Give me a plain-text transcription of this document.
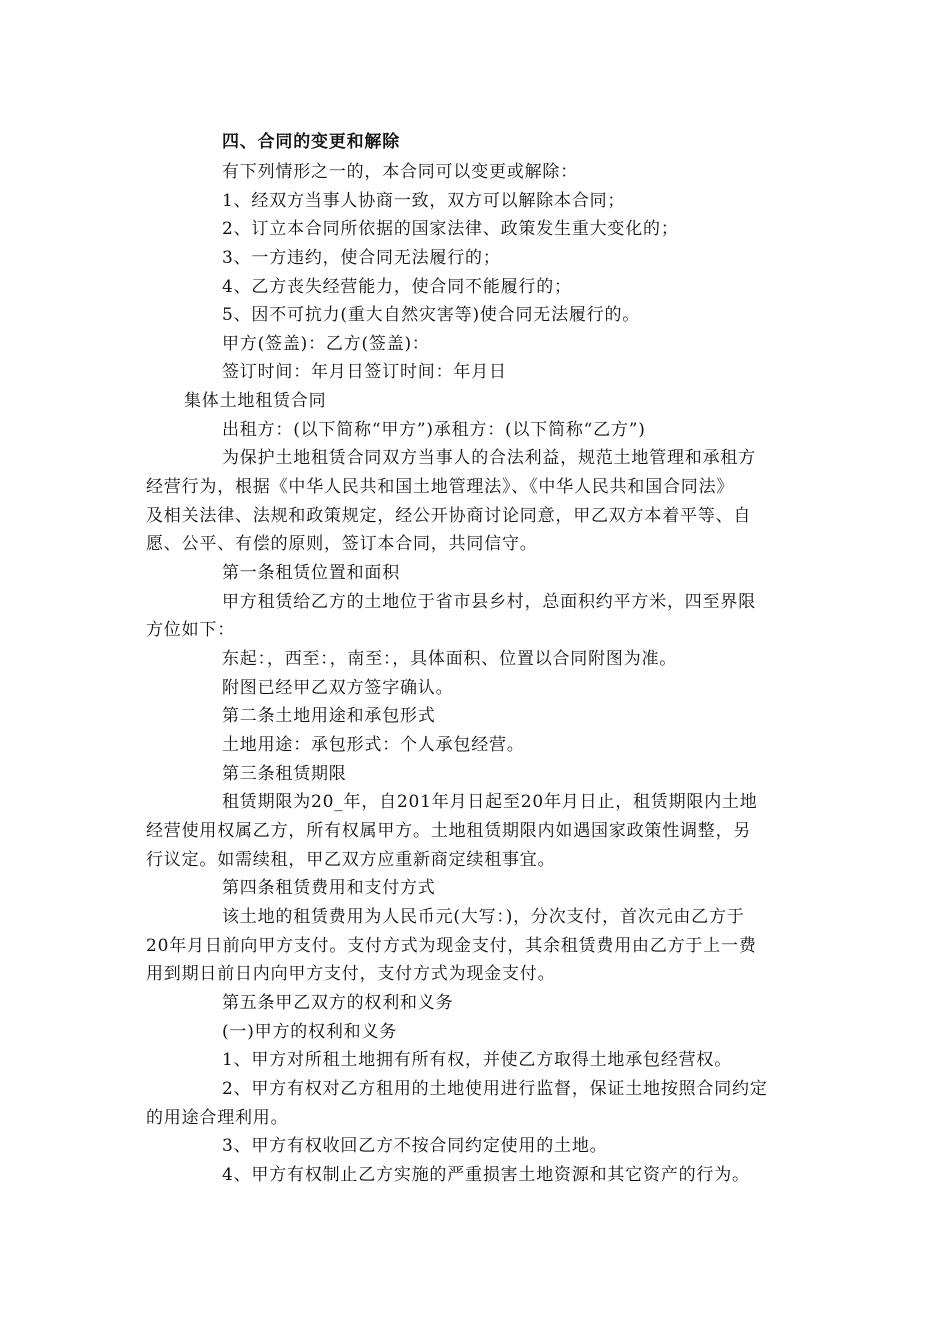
四、合同的变更和解除
有下列情形之一的，本合同可以变更或解除：
1、经双方当事人协商一致，双方可以解除本合同；
2、订立本合同所依据的国家法律、政策发生重大变化的；
3、一方违约，使合同无法履行的；
4、乙方丧失经营能力，使合同不能履行的；
5、因不可抗力(重大自然灾害等)使合同无法履行的。
甲方(签盖)：乙方(签盖)：
签订时间：年月日签订时间：年月日
集体土地租赁合同
出租方：(以下简称“甲方”)承租方：(以下简称“乙方”)
为保护土地租赁合同双方当事人的合法利益，规范土地管理和承租方
经营行为，根据《中华人民共和国土地管理法》、《中华人民共和国合同法》
及相关法律、法规和政策规定，经公开协商讨论同意，甲乙双方本着平等、自
愿、公平、有偿的原则，签订本合同，共同信守。
第一条租赁位置和面积
甲方租赁给乙方的土地位于省市县乡村，总面积约平方米，四至界限
方位如下：
东起：，西至：，南至：，具体面积、位置以合同附图为准。
附图已经甲乙双方签字确认。
第二条土地用途和承包形式
土地用途：承包形式：个人承包经营。
第三条租赁期限
租赁期限为20_年，自201年月日起至20年月日止，租赁期限内土地
经营使用权属乙方，所有权属甲方。土地租赁期限内如遇国家政策性调整，另
行议定。如需续租，甲乙双方应重新商定续租事宜。
第四条租赁费用和支付方式
该土地的租赁费用为人民币元(大写：)，分次支付，首次元由乙方于
20年月日前向甲方支付。支付方式为现金支付，其余租赁费用由乙方于上一费
用到期日前日内向甲方支付，支付方式为现金支付。
第五条甲乙双方的权利和义务
(一)甲方的权利和义务
1、甲方对所租土地拥有所有权，并使乙方取得土地承包经营权。
2、甲方有权对乙方租用的土地使用进行监督，保证土地按照合同约定
的用途合理利用。
3、甲方有权收回乙方不按合同约定使用的土地。
4、甲方有权制止乙方实施的严重损害土地资源和其它资产的行为。
